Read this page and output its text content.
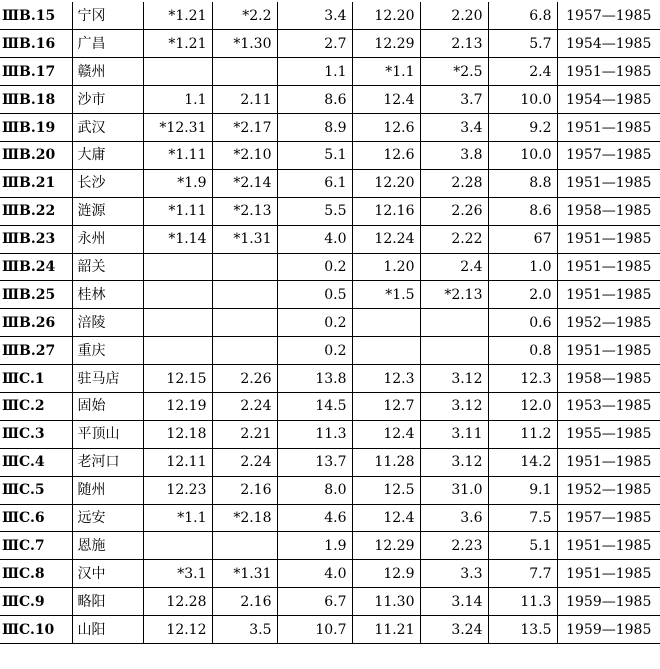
ⅢB.15	宁冈	*1.21	*2.2	3.4	12.20	2.20	6.8	1957—1985
ⅢB.16	广昌	*1.21	*1.30	2.7	12.29	2.13	5.7	1954—1985
ⅢB.17	赣州			1.1	*1.1	*2.5	2.4	1951—1985
ⅢB.18	沙市	1.1	2.11	8.6	12.4	3.7	10.0	1954—1985
ⅢB.19	武汉	*12.31	*2.17	8.9	12.6	3.4	9.2	1951—1985
ⅢB.20	大庸	*1.11	*2.10	5.1	12.6	3.8	10.0	1957—1985
ⅢB.21	长沙	*1.9	*2.14	6.1	12.20	2.28	8.8	1951—1985
ⅢB.22	涟源	*1.11	*2.13	5.5	12.16	2.26	8.6	1958—1985
ⅢB.23	永州	*1.14	*1.31	4.0	12.24	2.22	67	1951—1985
ⅢB.24	韶关			0.2	1.20	2.4	1.0	1951—1985
ⅢB.25	桂林			0.5	*1.5	*2.13	2.0	1951—1985
ⅢB.26	涪陵			0.2			0.6	1952—1985
ⅢB.27	重庆			0.2			0.8	1951—1985
ⅢC.1	驻马店	12.15	2.26	13.8	12.3	3.12	12.3	1958—1985
ⅢC.2	固始	12.19	2.24	14.5	12.7	3.12	12.0	1953—1985
ⅢC.3	平顶山	12.18	2.21	11.3	12.4	3.11	11.2	1955—1985
ⅢC.4	老河口	12.11	2.24	13.7	11.28	3.12	14.2	1951—1985
ⅢC.5	随州	12.23	2.16	8.0	12.5	31.0	9.1	1952—1985
ⅢC.6	远安	*1.1	*2.18	4.6	12.4	3.6	7.5	1957—1985
ⅢC.7	恩施			1.9	12.29	2.23	5.1	1951—1985
ⅢC.8	汉中	*3.1	*1.31	4.0	12.9	3.3	7.7	1951—1985
ⅢC.9	略阳	12.28	2.16	6.7	11.30	3.14	11.3	1959—1985
ⅢC.10	山阳	12.12	3.5	10.7	11.21	3.24	13.5	1959—1985
